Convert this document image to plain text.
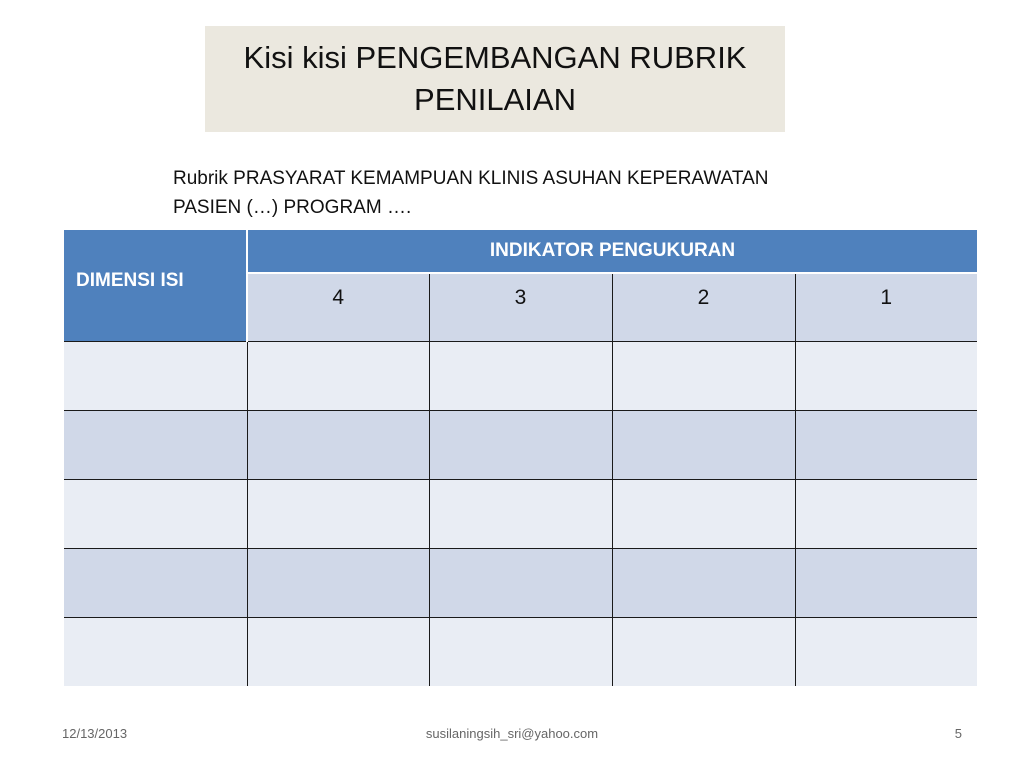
Kisi kisi PENGEMBANGAN RUBRIK PENILAIAN
Rubrik PRASYARAT KEMAMPUAN KLINIS ASUHAN KEPERAWATAN
PASIEN (…) PROGRAM ….
DIMENSI ISI	INDIKATOR PENGUKURAN			
	4	3	2	1

12/13/2013	susilaningsih_sri@yahoo.com	5
